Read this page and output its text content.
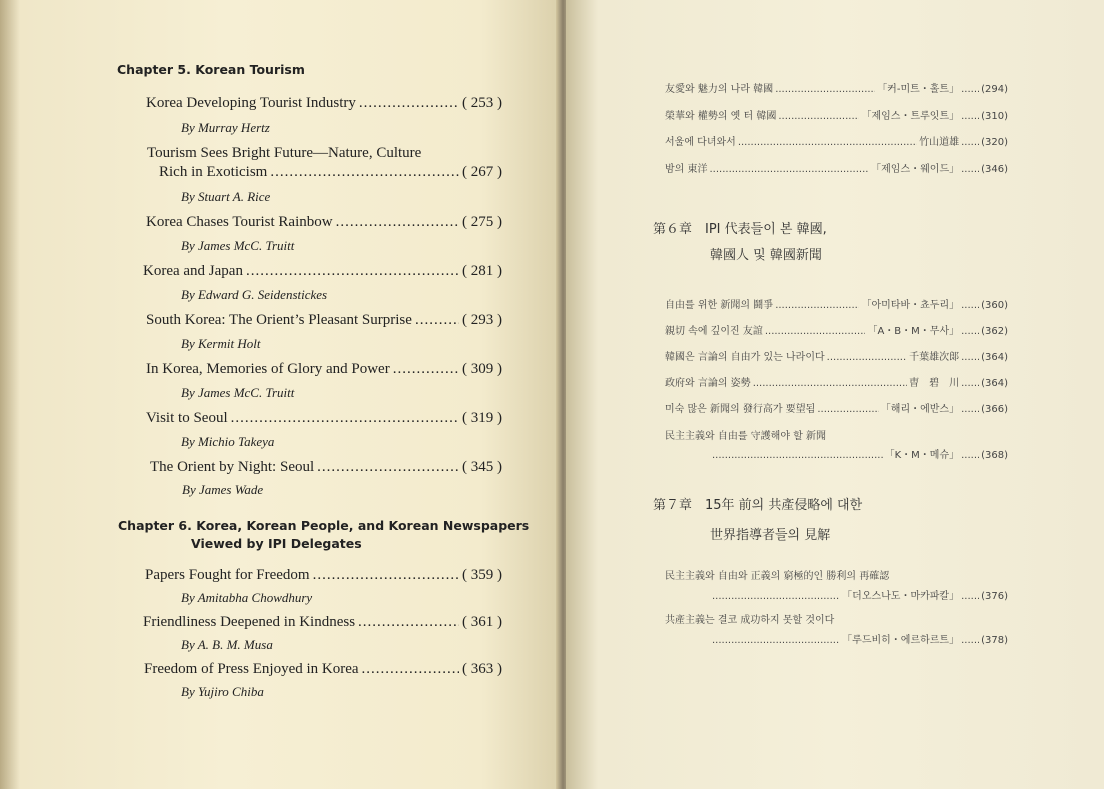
Chapter 5. Korean Tourism
Korea Developing Tourist Industry .....	( 253 )
By Murray Hertz
Tourism Sees Bright Future—Nature, Culture
Rich in Exoticism .....	( 267 )
By Stuart A. Rice
Korea Chases Tourist Rainbow .....	( 275 )
By James McC. Truitt
Korea and Japan .....	( 281 )
By Edward G. Seidenstickes
South Korea: The Orient’s Pleasant Surprise .....	( 293 )
By Kermit Holt
In Korea, Memories of Glory and Power .....	( 309 )
By James McC. Truitt
Visit to Seoul .....	( 319 )
By Michio Takeya
The Orient by Night: Seoul .....	( 345 )
By James Wade
Chapter 6. Korea, Korean People, and Korean Newspapers
Viewed by IPI Delegates
Papers Fought for Freedom .....	( 359 )
By Amitabha Chowdhury
Friendliness Deepened in Kindness .....	( 361 )
By A. B. M. Musa
Freedom of Press Enjoyed in Korea .....	( 363 )
By Yujiro Chiba
友愛와 魅力의 나라 韓國 .....	「커-미트・홀트」 ..... (294)
榮華와 權勢의 옛 터 韓國 .....	「제임스・트루잇트」 ..... (310)
서울에 다녀와서 .....	竹山道雄 ..... (320)
밤의 東洋 .....	「제임스・웨이드」 ..... (346)
第６章　IPI 代表들이 본 韓國,
韓國人 및 韓國新聞
自由를 위한 新聞의 鬪爭 .....	「아미타바・쵸두리」 ..... (360)
親切 속에 깊이진 友誼 .....	「A・B・M・무사」 ..... (362)
韓國은 言論의 自由가 있는 나라이다 .....	千葉雄次郞 ..... (364)
政府와 言論의 姿勢 .....	曺　碧　川 ..... (364)
미숙 많은 新聞의 發行高가 要望됨 .....	「해리・에반스」 ..... (366)
民主主義와 自由를 守護해야 할 新聞
.....
「K・M・메슈」 ..... (368)
第７章　15年 前의 共產侵略에 대한
世界指導者들의 見解
民主主義와 自由와 正義의 窮極的인 勝利의 再確認
.....
「더오스나도・마카파칼」 ..... (376)
共產主義는 결코 成功하지 못할 것이다
.....
「루드비히・에르하르트」 ..... (378)
